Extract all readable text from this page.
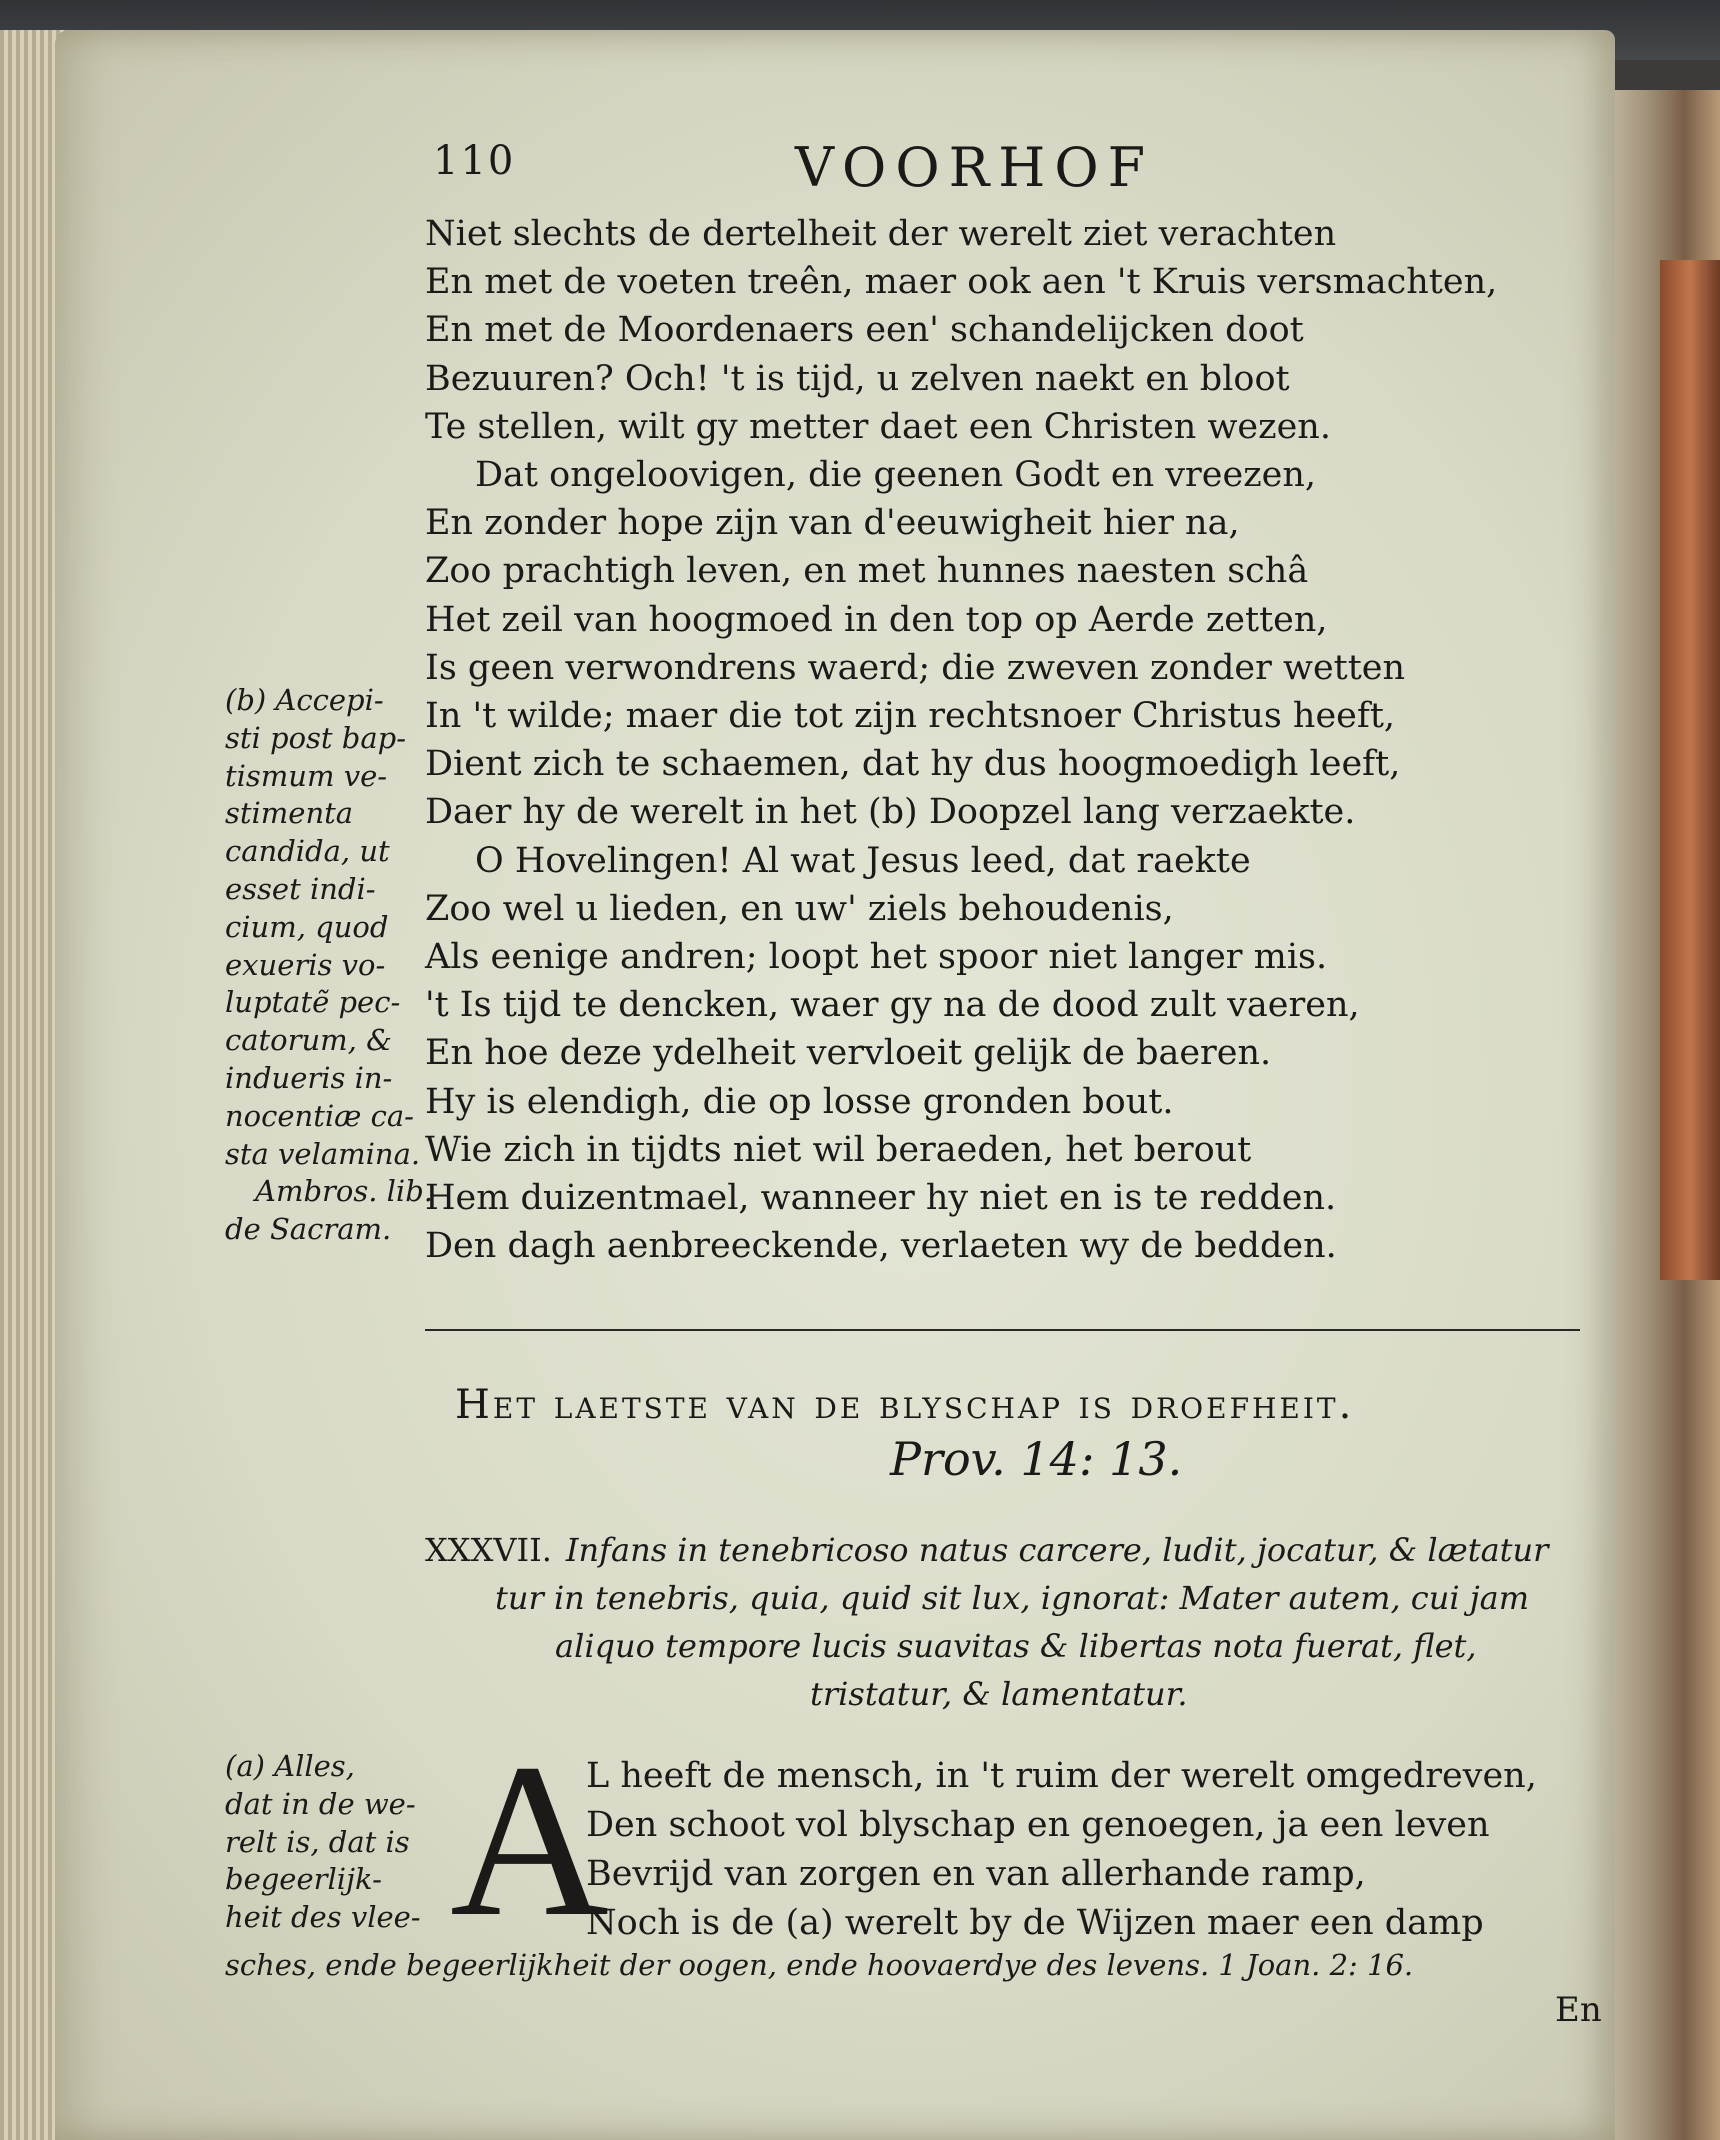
110	VOORHOF
Niet slechts de dertelheit der werelt ziet verachten
En met de voeten treên, maer ook aen 't Kruis versmachten,
En met de Moordenaers een' schandelijcken doot
Bezuuren? Och! 't is tijd, u zelven naekt en bloot
Te stellen, wilt gy metter daet een Christen wezen.
Dat ongeloovigen, die geenen Godt en vreezen,
En zonder hope zijn van d'eeuwigheit hier na,
Zoo prachtigh leven, en met hunnes naesten schâ
Het zeil van hoogmoed in den top op Aerde zetten,
Is geen verwondrens waerd; die zweven zonder wetten
In 't wilde; maer die tot zijn rechtsnoer Christus heeft,
Dient zich te schaemen, dat hy dus hoogmoedigh leeft,
Daer hy de werelt in het (b) Doopzel lang verzaekte.
O Hovelingen! Al wat Jesus leed, dat raekte
Zoo wel u lieden, en uw' ziels behoudenis,
Als eenige andren; loopt het spoor niet langer mis.
't Is tijd te dencken, waer gy na de dood zult vaeren,
En hoe deze ydelheit vervloeit gelijk de baeren.
Hy is elendigh, die op losse gronden bout.
Wie zich in tijdts niet wil beraeden, het berout
Hem duizentmael, wanneer hy niet en is te redden.
Den dagh aenbreeckende, verlaeten wy de bedden.
(b) Accepi-
sti post bap-
tismum ve-
stimenta
candida, ut
esset indi-
cium, quod
exueris vo-
luptatẽ pec-
catorum, &
indueris in-
nocentiæ ca-
sta velamina.
Ambros. lib.
de Sacram.
Het laetste van de blyschap is droefheit.
Prov. 14: 13.
XXXVII. Infans in tenebricoso natus carcere, ludit, jocatur, & lætatur
tur in tenebris, quia, quid sit lux, ignorat: Mater autem, cui jam
aliquo tempore lucis suavitas & libertas nota fuerat, flet,
tristatur, & lamentatur.
A
L heeft de mensch, in 't ruim der werelt omgedreven,
Den schoot vol blyschap en genoegen, ja een leven
Bevrijd van zorgen en van allerhande ramp,
Noch is de (a) werelt by de Wijzen maer een damp
(a) Alles,
dat in de we-
relt is, dat is
begeerlijk-
heit des vlee-
sches, ende begeerlijkheit der oogen, ende hoovaerdye des levens. 1 Joan. 2: 16.
En
